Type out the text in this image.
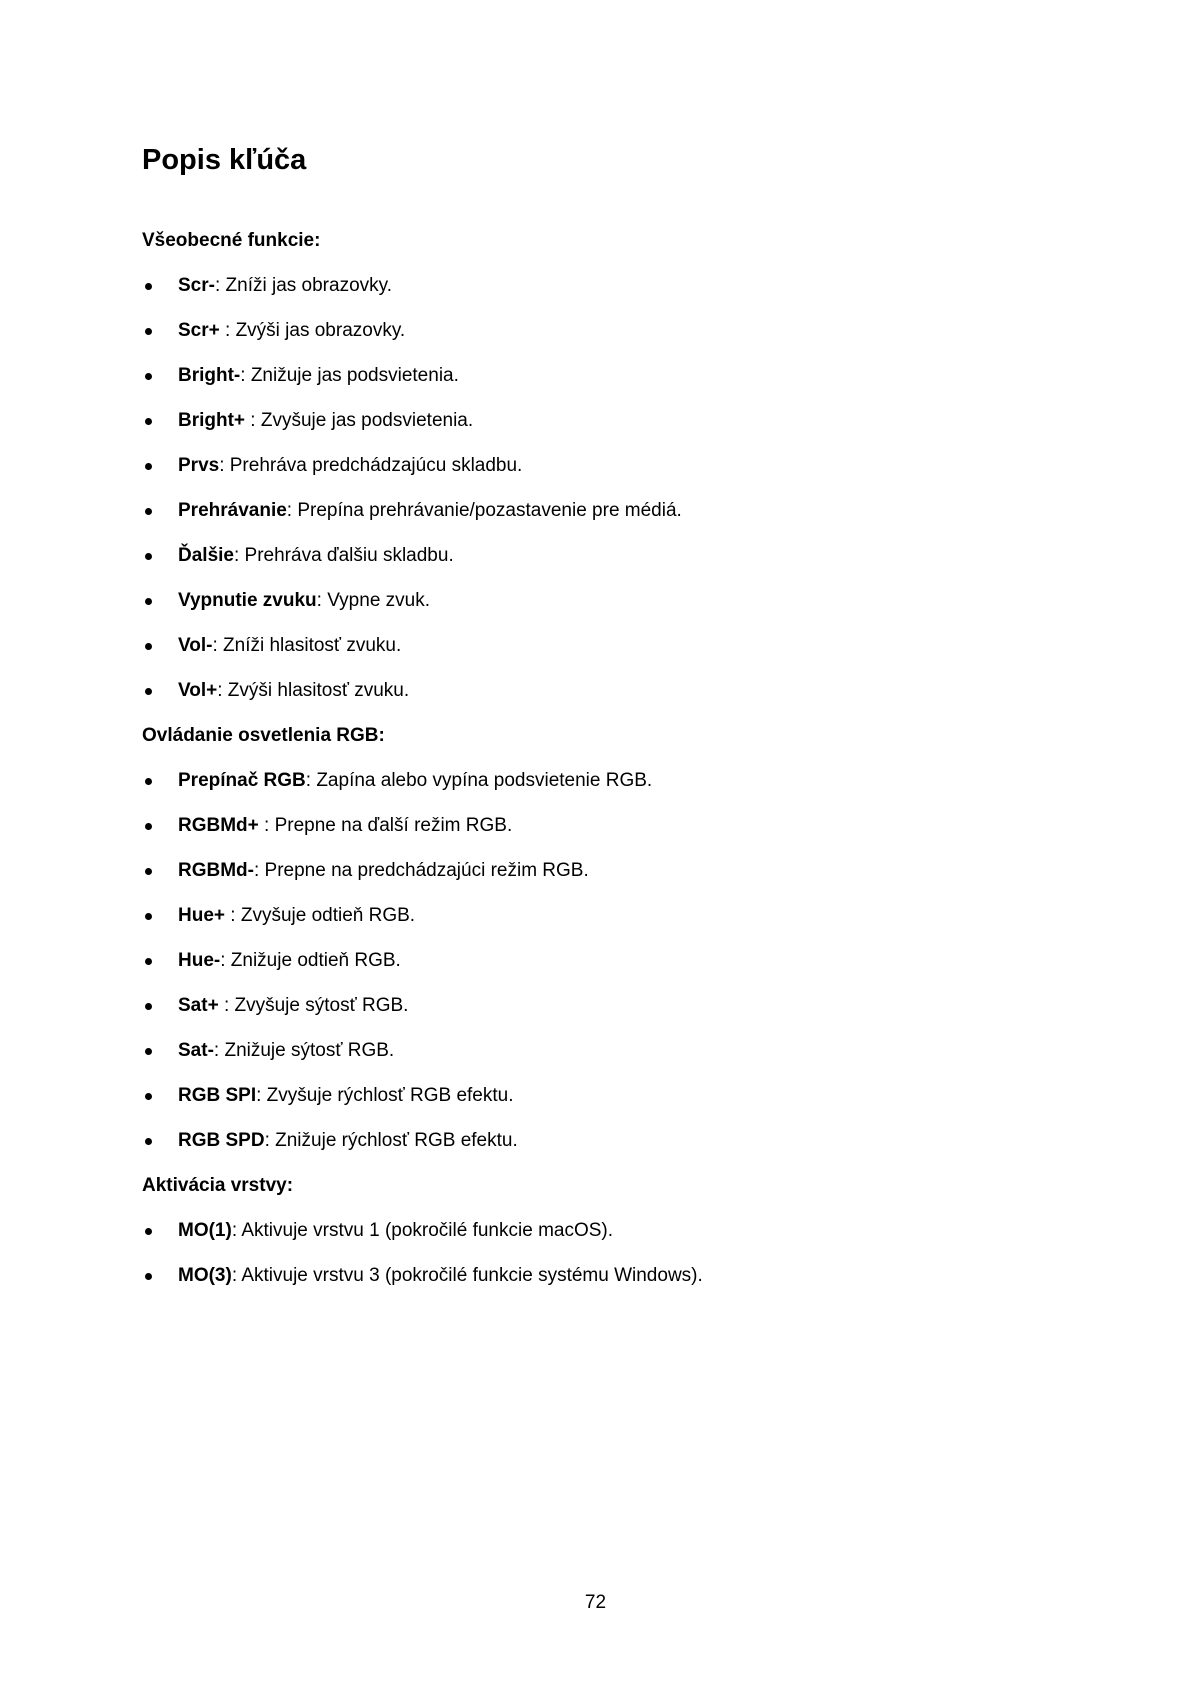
Popis kľúča
Všeobecné funkcie:
Scr-: Zníži jas obrazovky.
Scr+ : Zvýši jas obrazovky.
Bright-: Znižuje jas podsvietenia.
Bright+ : Zvyšuje jas podsvietenia.
Prvs: Prehráva predchádzajúcu skladbu.
Prehrávanie: Prepína prehrávanie/pozastavenie pre médiá.
Ďalšie: Prehráva ďalšiu skladbu.
Vypnutie zvuku: Vypne zvuk.
Vol-: Zníži hlasitosť zvuku.
Vol+: Zvýši hlasitosť zvuku.
Ovládanie osvetlenia RGB:
Prepínač RGB: Zapína alebo vypína podsvietenie RGB.
RGBMd+ : Prepne na ďalší režim RGB.
RGBMd-: Prepne na predchádzajúci režim RGB.
Hue+ : Zvyšuje odtieň RGB.
Hue-: Znižuje odtieň RGB.
Sat+ : Zvyšuje sýtosť RGB.
Sat-: Znižuje sýtosť RGB.
RGB SPI: Zvyšuje rýchlosť RGB efektu.
RGB SPD: Znižuje rýchlosť RGB efektu.
Aktivácia vrstvy:
MO(1): Aktivuje vrstvu 1 (pokročilé funkcie macOS).
MO(3): Aktivuje vrstvu 3 (pokročilé funkcie systému Windows).
72
